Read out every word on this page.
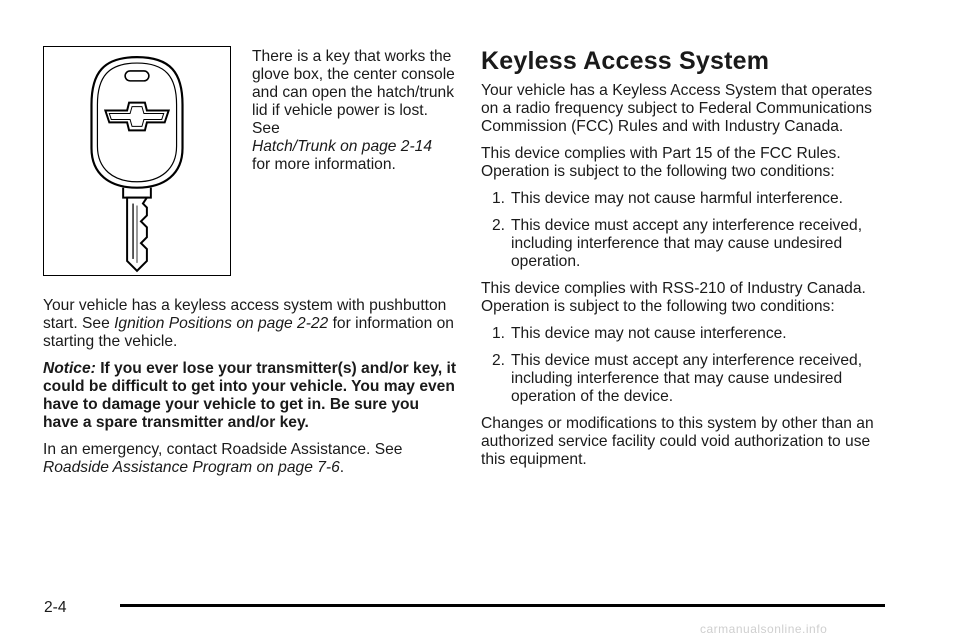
There is a key that works the glove box, the center console and can open the hatch/trunk lid if vehicle power is lost. See
Hatch/Trunk on page 2-14
for more information.

Your vehicle has a keyless access system with pushbutton start. See Ignition Positions on page 2-22 for information on starting the vehicle.

Notice: If you ever lose your transmitter(s) and/or key, it could be difficult to get into your vehicle. You may even have to damage your vehicle to get in. Be sure you have a spare transmitter and/or key.

In an emergency, contact Roadside Assistance. See Roadside Assistance Program on page 7-6.

Keyless Access System

Your vehicle has a Keyless Access System that operates on a radio frequency subject to Federal Communications Commission (FCC) Rules and with Industry Canada.

This device complies with Part 15 of the FCC Rules. Operation is subject to the following two conditions:

1. This device may not cause harmful interference.
2. This device must accept any interference received, including interference that may cause undesired operation.

This device complies with RSS-210 of Industry Canada. Operation is subject to the following two conditions:

1. This device may not cause interference.
2. This device must accept any interference received, including interference that may cause undesired operation of the device.

Changes or modifications to this system by other than an authorized service facility could void authorization to use this equipment.

2-4
carmanualsonline.info
